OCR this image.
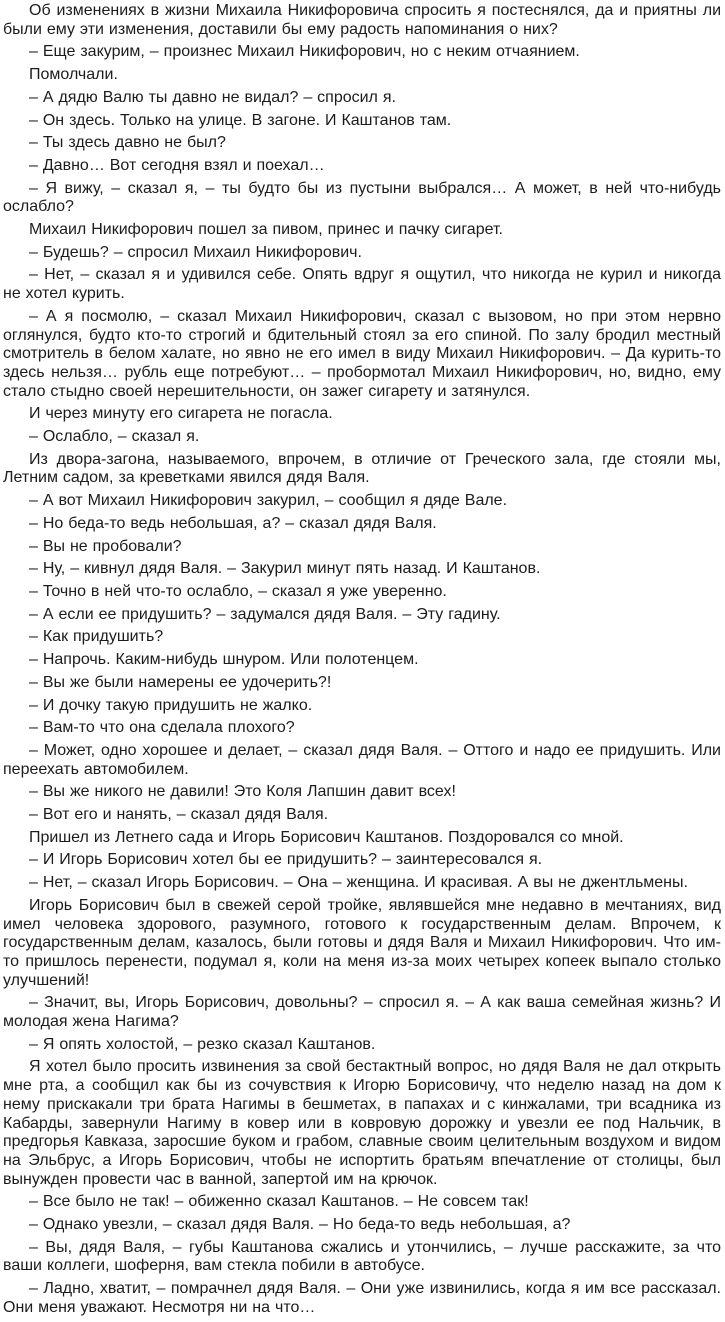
Об изменениях в жизни Михаила Никифоровича спросить я постеснялся, да и приятны ли были ему эти изменения, доставили бы ему радость напоминания о них?

– Еще закурим, – произнес Михаил Никифорович, но с неким отчаянием.

Помолчали.

– А дядю Валю ты давно не видал? – спросил я.

– Он здесь. Только на улице. В загоне. И Каштанов там.

– Ты здесь давно не был?

– Давно… Вот сегодня взял и поехал…

– Я вижу, – сказал я, – ты будто бы из пустыни выбрался… А может, в ней что-нибудь ослабло?

Михаил Никифорович пошел за пивом, принес и пачку сигарет.

– Будешь? – спросил Михаил Никифорович.

– Нет, – сказал я и удивился себе. Опять вдруг я ощутил, что никогда не курил и никогда не хотел курить.

– А я посмолю, – сказал Михаил Никифорович, сказал с вызовом, но при этом нервно оглянулся, будто кто-то строгий и бдительный стоял за его спиной. По залу бродил местный смотритель в белом халате, но явно не его имел в виду Михаил Никифорович. – Да курить-то здесь нельзя… рубль еще потребуют… – пробормотал Михаил Никифорович, но, видно, ему стало стыдно своей нерешительности, он зажег сигарету и затянулся.

И через минуту его сигарета не погасла.

– Ослабло, – сказал я.

Из двора-загона, называемого, впрочем, в отличие от Греческого зала, где стояли мы, Летним садом, за креветками явился дядя Валя.

– А вот Михаил Никифорович закурил, – сообщил я дяде Вале.

– Но беда-то ведь небольшая, а? – сказал дядя Валя.

– Вы не пробовали?

– Ну, – кивнул дядя Валя. – Закурил минут пять назад. И Каштанов.

– Точно в ней что-то ослабло, – сказал я уже уверенно.

– А если ее придушить? – задумался дядя Валя. – Эту гадину.

– Как придушить?

– Напрочь. Каким-нибудь шнуром. Или полотенцем.

– Вы же были намерены ее удочерить?!

– И дочку такую придушить не жалко.

– Вам-то что она сделала плохого?

– Может, одно хорошее и делает, – сказал дядя Валя. – Оттого и надо ее придушить. Или переехать автомобилем.

– Вы же никого не давили! Это Коля Лапшин давит всех!

– Вот его и нанять, – сказал дядя Валя.

Пришел из Летнего сада и Игорь Борисович Каштанов. Поздоровался со мной.

– И Игорь Борисович хотел бы ее придушить? – заинтересовался я.

– Нет, – сказал Игорь Борисович. – Она – женщина. И красивая. А вы не джентльмены.

Игорь Борисович был в свежей серой тройке, являвшейся мне недавно в мечтаниях, вид имел человека здорового, разумного, готового к государственным делам. Впрочем, к государственным делам, казалось, были готовы и дядя Валя и Михаил Никифорович. Что им-то пришлось перенести, подумал я, коли на меня из-за моих четырех копеек выпало столько улучшений!

– Значит, вы, Игорь Борисович, довольны? – спросил я. – А как ваша семейная жизнь? И молодая жена Нагима?

– Я опять холостой, – резко сказал Каштанов.

Я хотел было просить извинения за свой бестактный вопрос, но дядя Валя не дал открыть мне рта, а сообщил как бы из сочувствия к Игорю Борисовичу, что неделю назад на дом к нему прискакали три брата Нагимы в бешметах, в папахах и с кинжалами, три всадника из Кабарды, завернули Нагиму в ковер или в ковровую дорожку и увезли ее под Нальчик, в предгорья Кавказа, заросшие буком и грабом, славные своим целительным воздухом и видом на Эльбрус, а Игорь Борисович, чтобы не испортить братьям впечатление от столицы, был вынужден провести час в ванной, запертой им на крючок.

– Все было не так! – обиженно сказал Каштанов. – Не совсем так!

– Однако увезли, – сказал дядя Валя. – Но беда-то ведь небольшая, а?

– Вы, дядя Валя, – губы Каштанова сжались и утончились, – лучше расскажите, за что ваши коллеги, шоферня, вам стекла побили в автобусе.

– Ладно, хватит, – помрачнел дядя Валя. – Они уже извинились, когда я им все рассказал. Они меня уважают. Несмотря ни на что…
